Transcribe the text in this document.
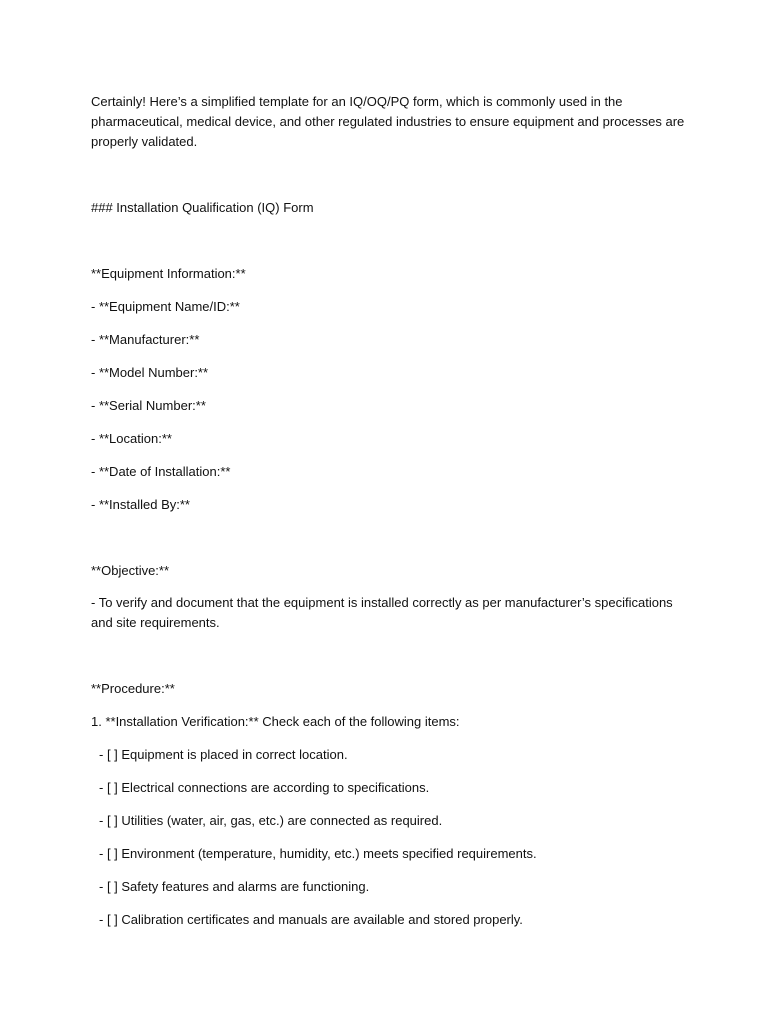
Certainly! Here’s a simplified template for an IQ/OQ/PQ form, which is commonly used in the pharmaceutical, medical device, and other regulated industries to ensure equipment and processes are properly validated.
### Installation Qualification (IQ) Form
**Equipment Information:**
- **Equipment Name/ID:**
- **Manufacturer:**
- **Model Number:**
- **Serial Number:**
- **Location:**
- **Date of Installation:**
- **Installed By:**
**Objective:**
- To verify and document that the equipment is installed correctly as per manufacturer’s specifications and site requirements.
**Procedure:**
1. **Installation Verification:** Check each of the following items:
- [ ] Equipment is placed in correct location.
- [ ] Electrical connections are according to specifications.
- [ ] Utilities (water, air, gas, etc.) are connected as required.
- [ ] Environment (temperature, humidity, etc.) meets specified requirements.
- [ ] Safety features and alarms are functioning.
- [ ] Calibration certificates and manuals are available and stored properly.
